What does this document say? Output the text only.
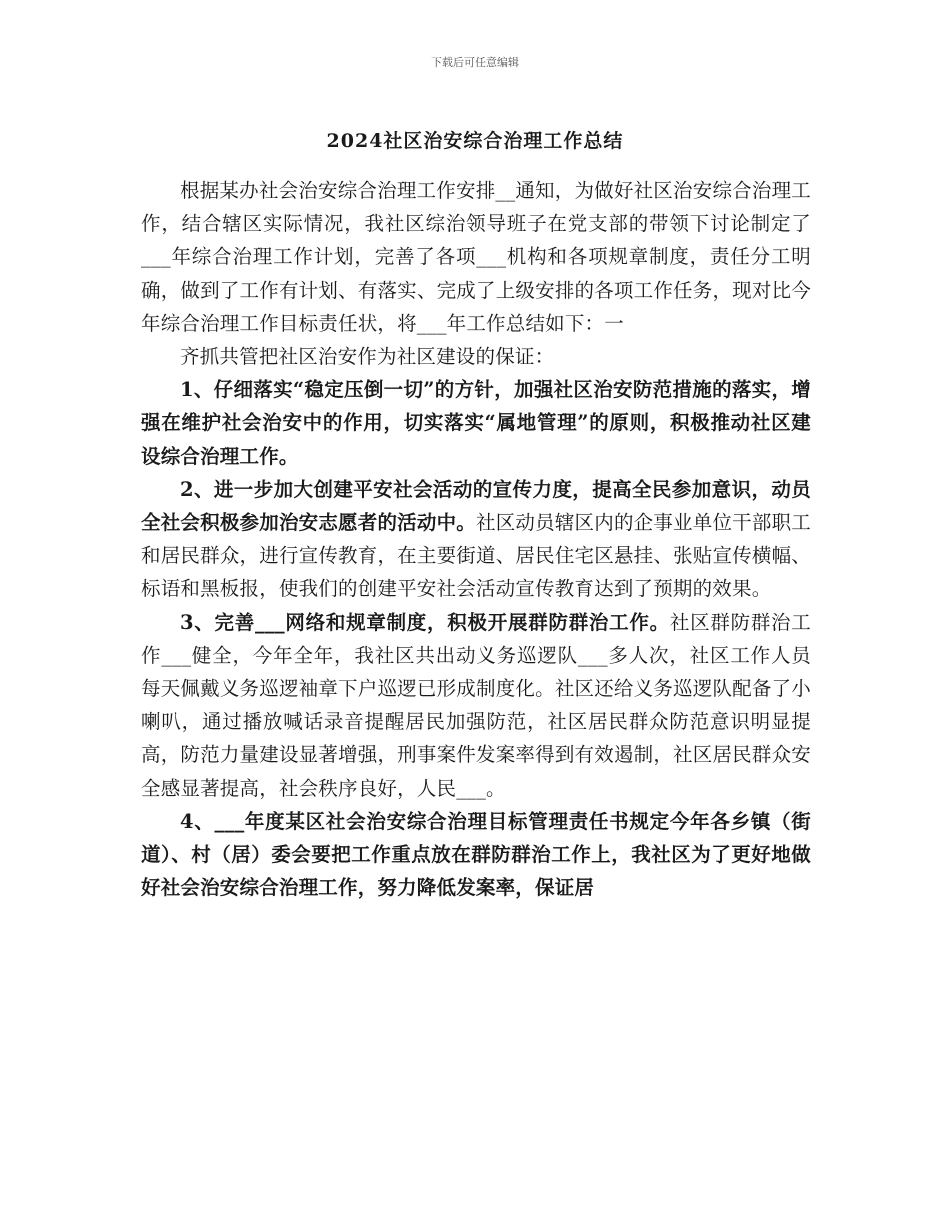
下载后可任意编辑
2024社区治安综合治理工作总结

根据某办社会治安综合治理工作安排__通知，为做好社区治安综合治理工作，结合辖区实际情况，我社区综治领导班子在党支部的带领下讨论制定了___年综合治理工作计划，完善了各项___机构和各项规章制度，责任分工明确，做到了工作有计划、有落实、完成了上级安排的各项工作任务，现对比今年综合治理工作目标责任状，将___年工作总结如下：一

齐抓共管把社区治安作为社区建设的保证：

1、仔细落实“稳定压倒一切”的方针，加强社区治安防范措施的落实，增强在维护社会治安中的作用，切实落实“属地管理”的原则，积极推动社区建设综合治理工作。

2、进一步加大创建平安社会活动的宣传力度，提高全民参加意识，动员全社会积极参加治安志愿者的活动中。社区动员辖区内的企事业单位干部职工和居民群众，进行宣传教育，在主要街道、居民住宅区悬挂、张贴宣传横幅、标语和黑板报，使我们的创建平安社会活动宣传教育达到了预期的效果。

3、完善___网络和规章制度，积极开展群防群治工作。社区群防群治工作___健全，今年全年，我社区共出动义务巡逻队___多人次，社区工作人员每天佩戴义务巡逻袖章下户巡逻已形成制度化。社区还给义务巡逻队配备了小喇叭，通过播放喊话录音提醒居民加强防范，社区居民群众防范意识明显提高，防范力量建设显著增强，刑事案件发案率得到有效遏制，社区居民群众安全感显著提高，社会秩序良好，人民___。

4、___年度某区社会治安综合治理目标管理责任书规定今年各乡镇（街道）、村（居）委会要把工作重点放在群防群治工作上，我社区为了更好地做好社会治安综合治理工作，努力降低发案率，保证居
